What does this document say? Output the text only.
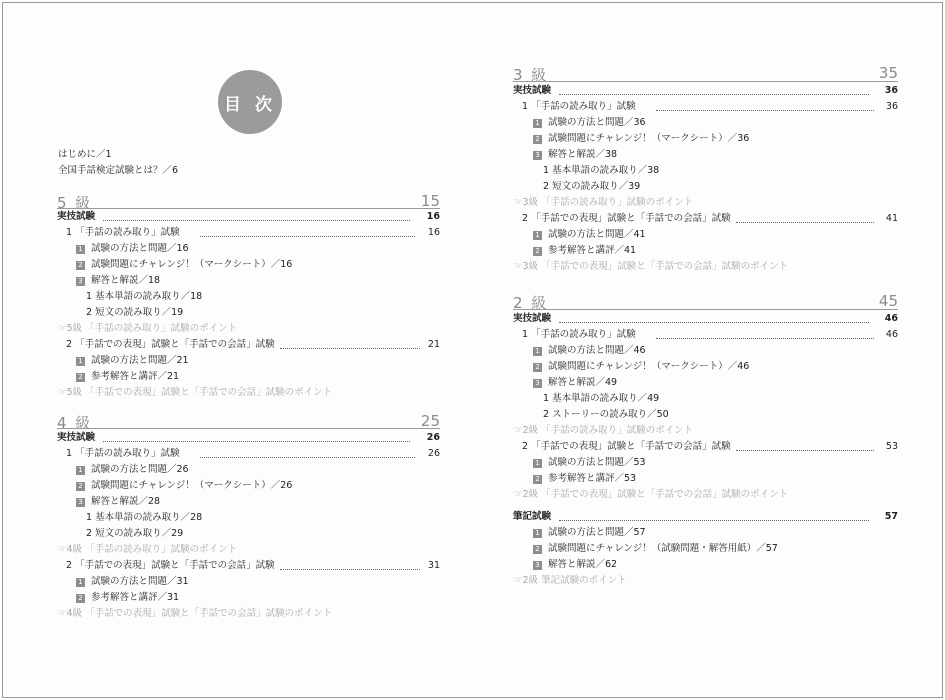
目 次
はじめに／1
全国手話検定試験とは？／6
5 級	15
実技試験	16
1 「手話の読み取り」試験	16
1 試験の方法と問題／16
2 試験問題にチャレンジ！（マークシート）／16
3 解答と解説／18
1 基本単語の読み取り／18
2 短文の読み取り／19
☞5級 「手話の読み取り」試験のポイント
2 「手話での表現」試験と「手話での会話」試験	21
1 試験の方法と問題／21
2 参考解答と講評／21
☞5級 「手話での表現」試験と「手話での会話」試験のポイント
4 級	25
実技試験	26
1 「手話の読み取り」試験	26
1 試験の方法と問題／26
2 試験問題にチャレンジ！（マークシート）／26
3 解答と解説／28
1 基本単語の読み取り／28
2 短文の読み取り／29
☞4級 「手話の読み取り」試験のポイント
2 「手話での表現」試験と「手話での会話」試験	31
1 試験の方法と問題／31
2 参考解答と講評／31
☞4級 「手話での表現」試験と「手話での会話」試験のポイント
3 級	35
実技試験	36
1 「手話の読み取り」試験	36
1 試験の方法と問題／36
2 試験問題にチャレンジ！（マークシート）／36
3 解答と解説／38
1 基本単語の読み取り／38
2 短文の読み取り／39
☞3級 「手話の読み取り」試験のポイント
2 「手話での表現」試験と「手話での会話」試験	41
1 試験の方法と問題／41
2 参考解答と講評／41
☞3級 「手話での表現」試験と「手話での会話」試験のポイント
2 級	45
実技試験	46
1 「手話の読み取り」試験	46
1 試験の方法と問題／46
2 試験問題にチャレンジ！（マークシート）／46
3 解答と解説／49
1 基本単語の読み取り／49
2 ストーリーの読み取り／50
☞2級 「手話の読み取り」試験のポイント
2 「手話での表現」試験と「手話での会話」試験	53
1 試験の方法と問題／53
2 参考解答と講評／53
☞2級 「手話での表現」試験と「手話での会話」試験のポイント
筆記試験	57
1 試験の方法と問題／57
2 試験問題にチャレンジ！（試験問題・解答用紙）／57
3 解答と解説／62
☞2級 筆記試験のポイント
